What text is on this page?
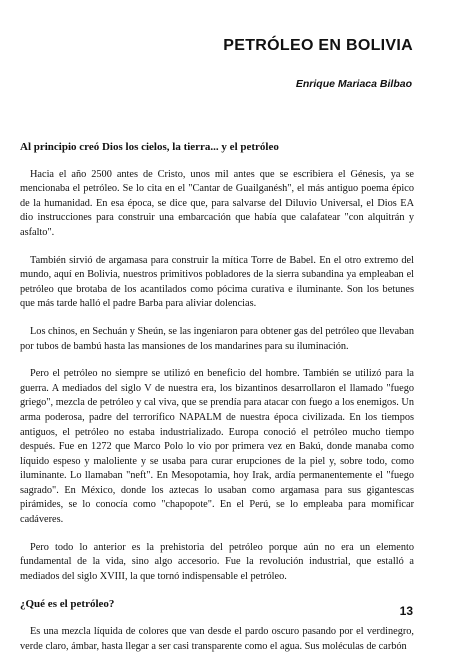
PETRÓLEO EN BOLIVIA
Enrique Mariaca Bilbao
Al principio creó Dios los cielos, la tierra... y el petróleo

Hacia el año 2500 antes de Cristo, unos mil antes que se escribiera el Génesis, ya se mencionaba el petróleo. Se lo cita en el "Cantar de Guailganésh", el más antiguo poema épico de la humanidad. En esa época, se dice que, para salvarse del Diluvio Universal, el Dios EA dio instrucciones para construir una embarcación que había que calafatear "con alquitrán y asfalto".

También sirvió de argamasa para construir la mítica Torre de Babel. En el otro extremo del mundo, aquí en Bolivia, nuestros primitivos pobladores de la sierra subandina ya empleaban el petróleo que brotaba de los acantilados como pócima curativa e iluminante. Son los betunes que más tarde halló el padre Barba para aliviar dolencias.

Los chinos, en Sechuán y Sheún, se las ingeniaron para obtener gas del petróleo que llevaban por tubos de bambú hasta las mansiones de los mandarines para su iluminación.

Pero el petróleo no siempre se utilizó en beneficio del hombre. También se utilizó para la guerra. A mediados del siglo V de nuestra era, los bizantinos desarrollaron el llamado "fuego griego", mezcla de petróleo y cal viva, que se prendía para atacar con fuego a los enemigos. Un arma poderosa, padre del terrorífico NAPALM de nuestra época civilizada. En los tiempos antiguos, el petróleo no estaba industrializado. Europa conoció el petróleo mucho tiempo después. Fue en 1272 que Marco Polo lo vio por primera vez en Bakú, donde manaba como líquido espeso y maloliente y se usaba para curar erupciones de la piel y, sobre todo, como iluminante. Lo llamaban "neft". En Mesopotamia, hoy Irak, ardía permanentemente el "fuego sagrado". En México, donde los aztecas lo usaban como argamasa para sus gigantescas pirámides, se lo conocía como "chapopote". En el Perú, se lo empleaba para momificar cadáveres.

Pero todo lo anterior es la prehistoria del petróleo porque aún no era un elemento fundamental de la vida, sino algo accesorio. Fue la revolución industrial, que estalló a mediados del siglo XVIII, la que tornó indispensable el petróleo.

¿Qué es el petróleo?

Es una mezcla líquida de colores que van desde el pardo oscuro pasando por el verdinegro, verde claro, ámbar, hasta llegar a ser casi transparente como el agua. Sus moléculas de carbón

13
